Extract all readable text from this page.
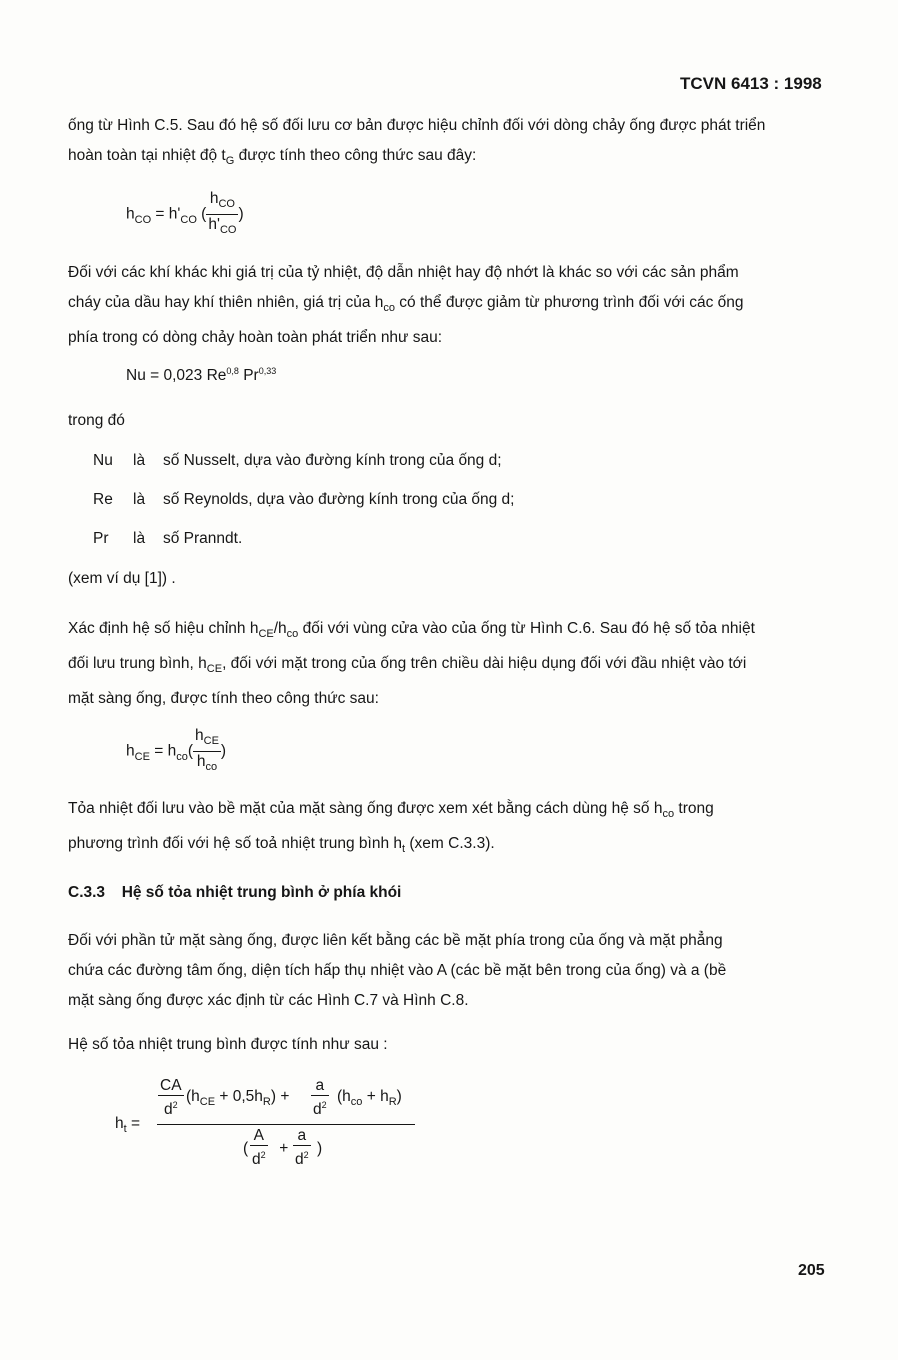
TCVN 6413 : 1998

ống từ Hình C.5. Sau đó hệ số đối lưu cơ bản được hiệu chỉnh đối với dòng chảy ống được phát triển

hoàn toàn tại nhiệt độ $t_G$ được tính theo công thức sau đây:

$h_{CO} = h'_{CO}$ ( $\frac{h_{CO}}{h'_{CO}}$ )

Đối với các khí khác khi giá trị của tỷ nhiệt, độ dẫn nhiệt hay độ nhớt là khác so với các sản phẩm

cháy của dầu hay khí thiên nhiên, giá trị của $h_{co}$ có thể được giảm từ phương trình đối với các ống

phía trong có dòng chảy hoàn toàn phát triển như sau:

Nu = 0,023 Re$^{0,8}$ Pr$^{0,33}$
trong đó
Nu là số Nusselt, dựa vào đường kính trong của ống d;
Re là số Reynolds, dựa vào đường kính trong của ống d;
Pr là số Pranndt.
(xem ví dụ [1]) .

Xác định hệ số hiệu chỉnh $h_{CE}/h_{co}$ đối với vùng cửa vào của ống từ Hình C.6. Sau đó hệ số tỏa nhiệt

đối lưu trung bình, $h_{CE}$, đối với mặt trong của ống trên chiều dài hiệu dụng đối với đầu nhiệt vào tới

mặt sàng ống, được tính theo công thức sau:

$h_{CE} = h_{co}( \frac{h_{CE}}{h_{co}}$ )

Tỏa nhiệt đối lưu vào bề mặt của mặt sàng ống được xem xét bằng cách dùng hệ số $h_{co}$ trong

phương trình đối với hệ số toả nhiệt trung bình $h_t$ (xem C.3.3).

C.3.3 Hệ số tỏa nhiệt trung bình ở phía khói

Đối với phần tử mặt sàng ống, được liên kết bằng các bề mặt phía trong của ống và mặt phẳng

chứa các đường tâm ống, diện tích hấp thụ nhiệt vào A (các bề mặt bên trong của ống) và a (bề

mặt sàng ống được xác định từ các Hình C.7 và Hình C.8.

Hệ số tỏa nhiệt trung bình được tính như sau :
$h_t$ =
$\frac{CA}{d^2} (h_{CE} + 0,5h_R) + \frac{a}{d^2} (h_{co} + h_R)$
( $\frac{A}{d^2} + \frac{a}{d^2}$ )
205
